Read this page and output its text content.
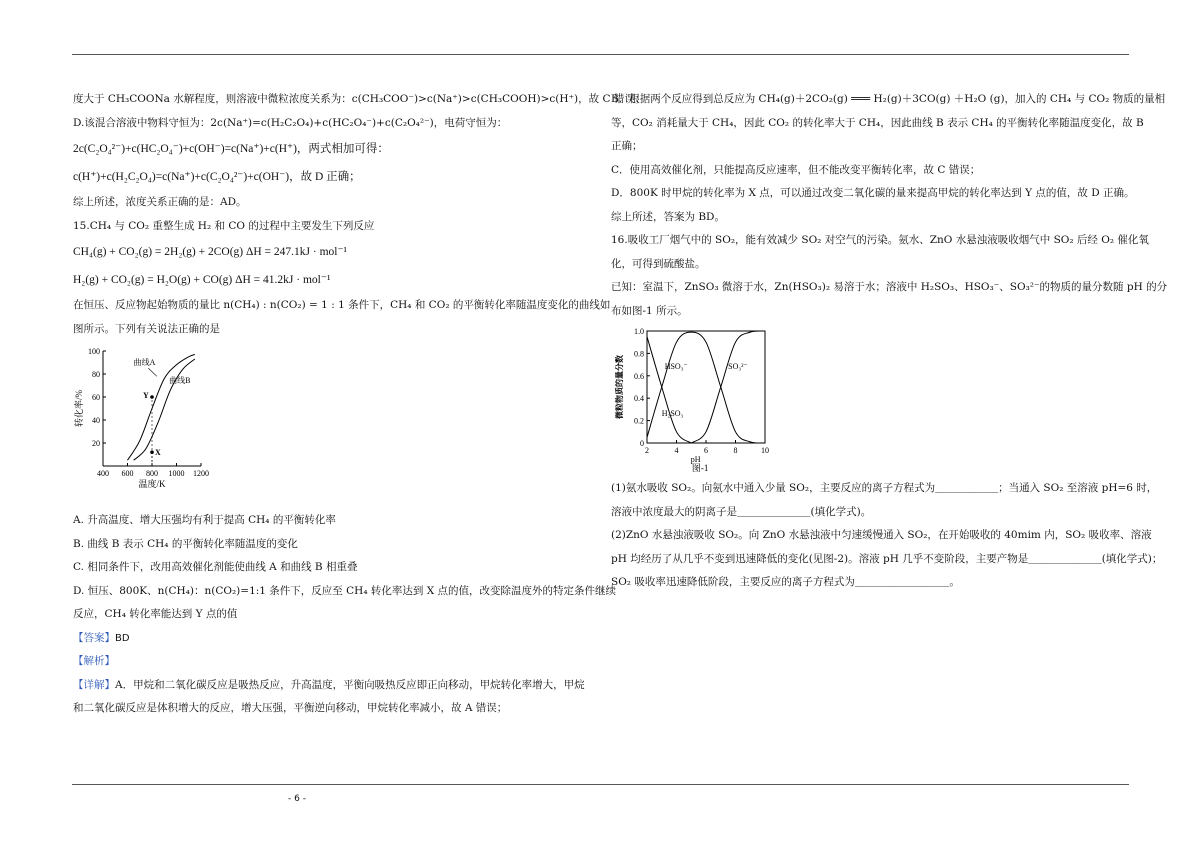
度大于 CH₃COONa 水解程度，则溶液中微粒浓度关系为：c(CH₃COO⁻)>c(Na⁺)>c(CH₃COOH)>c(H⁺)，故 C 错误；

D.该混合溶液中物料守恒为：2c(Na⁺)=c(H₂C₂O₄)+c(HC₂O₄⁻)+c(C₂O₄²⁻)，电荷守恒为：

2c(C₂O₄²⁻)+c(HC₂O₄⁻)+c(OH⁻)=c(Na⁺)+c(H⁺)，两式相加可得：

c(H⁺)+c(H₂C₂O₄)=c(Na⁺)+c(C₂O₄²⁻)+c(OH⁻)，故 D 正确；

综上所述，浓度关系正确的是：AD。

15.CH₄ 与 CO₂ 重整生成 H₂ 和 CO 的过程中主要发生下列反应

CH₄(g) + CO₂(g) = 2H₂(g) + 2CO(g) ΔH = 247.1kJ · mol⁻¹

H₂(g) + CO₂(g) = H₂O(g) + CO(g) ΔH = 41.2kJ · mol⁻¹

在恒压、反应物起始物质的量比 n(CH₄) : n(CO₂) = 1 : 1 条件下，CH₄ 和 CO₂ 的平衡转化率随温度变化的曲线如

图所示。下列有关说法正确的是

20
40
60
80
100
400 600 800 1000 1200
温度/K
转化率/%
曲线A
曲线B
Y
X

A. 升高温度、增大压强均有利于提高 CH₄ 的平衡转化率

B. 曲线 B 表示 CH₄ 的平衡转化率随温度的变化

C. 相同条件下，改用高效催化剂能使曲线 A 和曲线 B 相重叠

D. 恒压、800K、n(CH₄)：n(CO₂)=1:1 条件下，反应至 CH₄ 转化率达到 X 点的值，改变除温度外的特定条件继续

反应，CH₄ 转化率能达到 Y 点的值

【答案】BD

【解析】

【详解】A．甲烷和二氧化碳反应是吸热反应，升高温度，平衡向吸热反应即正向移动，甲烷转化率增大，甲烷

和二氧化碳反应是体积增大的反应，增大压强，平衡逆向移动，甲烷转化率减小，故 A 错误；

B．根据两个反应得到总反应为 CH₄(g)＋2CO₂(g) ═══ H₂(g)＋3CO(g) ＋H₂O (g)，加入的 CH₄ 与 CO₂ 物质的量相

等，CO₂ 消耗量大于 CH₄，因此 CO₂ 的转化率大于 CH₄，因此曲线 B 表示 CH₄ 的平衡转化率随温度变化，故 B

正确；

C．使用高效催化剂，只能提高反应速率，但不能改变平衡转化率，故 C 错误；

D．800K 时甲烷的转化率为 X 点，可以通过改变二氧化碳的量来提高甲烷的转化率达到 Y 点的值，故 D 正确。

综上所述，答案为 BD。

16.吸收工厂烟气中的 SO₂，能有效减少 SO₂ 对空气的污染。氨水、ZnO 水悬浊液吸收烟气中 SO₂ 后经 O₂ 催化氧

化，可得到硫酸盐。

已知：室温下，ZnSO₃ 微溶于水，Zn(HSO₃)₂ 易溶于水；溶液中 H₂SO₃、HSO₃⁻、SO₃²⁻的物质的量分数随 pH 的分

布如图-1 所示。

0
0.2
0.4
0.6
0.8
1.0
2	4	6	8	10
pH
图-1
微粒物质的量分数	H₂SO₃
HSO₃⁻	SO₃²⁻

(1)氨水吸收 SO₂。向氨水中通入少量 SO₂，主要反应的离子方程式为＿＿＿＿＿＿；当通入 SO₂ 至溶液 pH=6 时，

溶液中浓度最大的阴离子是＿＿＿＿＿＿＿(填化学式)。

(2)ZnO 水悬浊液吸收 SO₂。向 ZnO 水悬浊液中匀速缓慢通入 SO₂，在开始吸收的 40mim 内，SO₂ 吸收率、溶液

pH 均经历了从几乎不变到迅速降低的变化(见图-2)。溶液 pH 几乎不变阶段，主要产物是＿＿＿＿＿＿＿(填化学式)；

SO₂ 吸收率迅速降低阶段，主要反应的离子方程式为＿＿＿＿＿＿＿＿＿。

- 6 -
